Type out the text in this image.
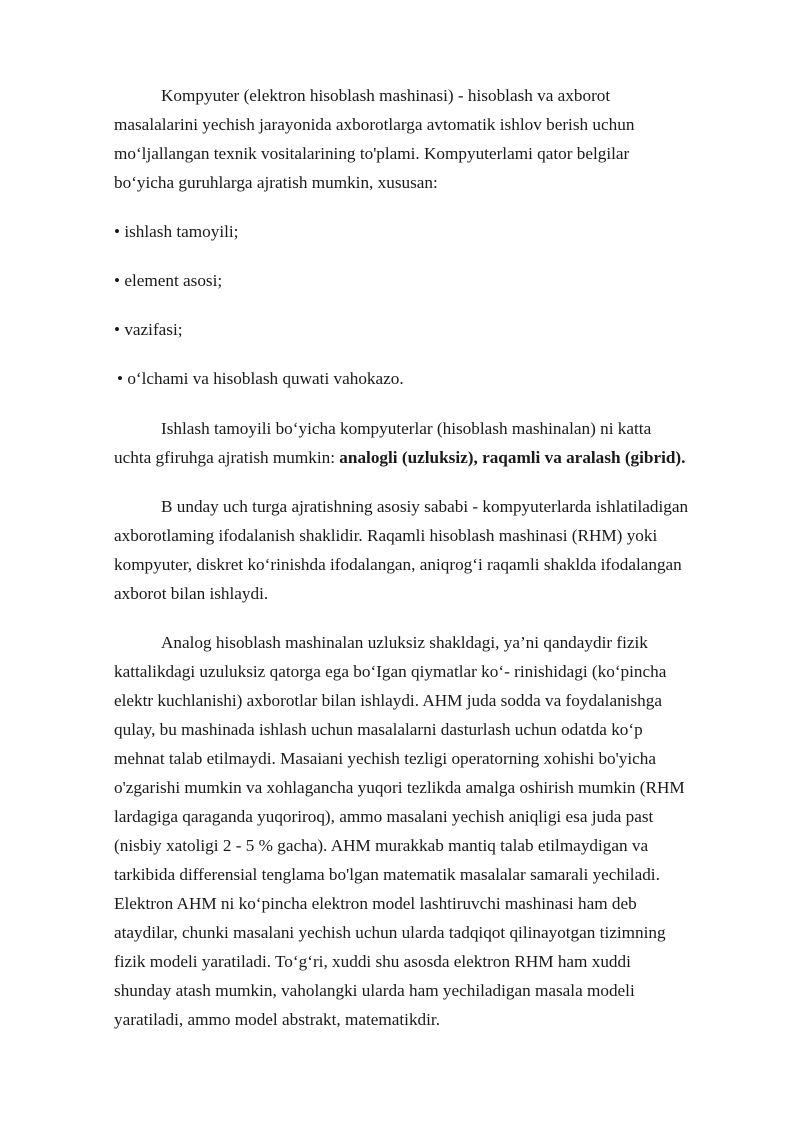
Kompyuter (elektron hisoblash mashinasi) - hisoblash va axborot

masalalarini yechish jarayonida axborotlarga avtomatik ishlov berish uchun

mo‘ljallangan texnik vositalarining to'plami. Kompyuterlami qator belgilar

bo‘yicha guruhlarga ajratish mumkin, xususan:

• ishlash tamoyili;

• element asosi;

• vazifasi;

• o‘lchami va hisoblash quwati vahokazo.

Ishlash tamoyili bo‘yicha kompyuterlar (hisoblash mashinalan) ni katta

uchta gfiruhga ajratish mumkin: analogli (uzluksiz), raqamli va aralash (gibrid).

B unday uch turga ajratishning asosiy sababi - kompyuterlarda ishlatiladigan

axborotlaming ifodalanish shaklidir. Raqamli hisoblash mashinasi (RHM) yoki

kompyuter, diskret ko‘rinishda ifodalangan, aniqrog‘i raqamli shaklda ifodalangan

axborot bilan ishlaydi.

Analog hisoblash mashinalan uzluksiz shakldagi, ya’ni qandaydir fizik

kattalikdagi uzuluksiz qatorga ega bo‘Igan qiymatlar ko‘- rinishidagi (ko‘pincha

elektr kuchlanishi) axborotlar bilan ishlaydi. AHM juda sodda va foydalanishga

qulay, bu mashinada ishlash uchun masalalarni dasturlash uchun odatda ko‘p

mehnat talab etilmaydi. Masaiani yechish tezligi operatorning xohishi bo'yicha

o'zgarishi mumkin va xohlagancha yuqori tezlikda amalga oshirish mumkin (RHM

lardagiga qaraganda yuqoriroq), ammo masalani yechish aniqligi esa juda past

(nisbiy xatoligi 2 - 5 % gacha). AHM murakkab mantiq talab etilmaydigan va

tarkibida differensial tenglama bo'lgan matematik masalalar samarali yechiladi.

Elektron AHM ni ko‘pincha elektron model lashtiruvchi mashinasi ham deb

ataydilar, chunki masalani yechish uchun ularda tadqiqot qilinayotgan tizimning

fizik modeli yaratiladi. To‘g‘ri, xuddi shu asosda elektron RHM ham xuddi

shunday atash mumkin, vaholangki ularda ham yechiladigan masala modeli

yaratiladi, ammo model abstrakt, matematikdir.
